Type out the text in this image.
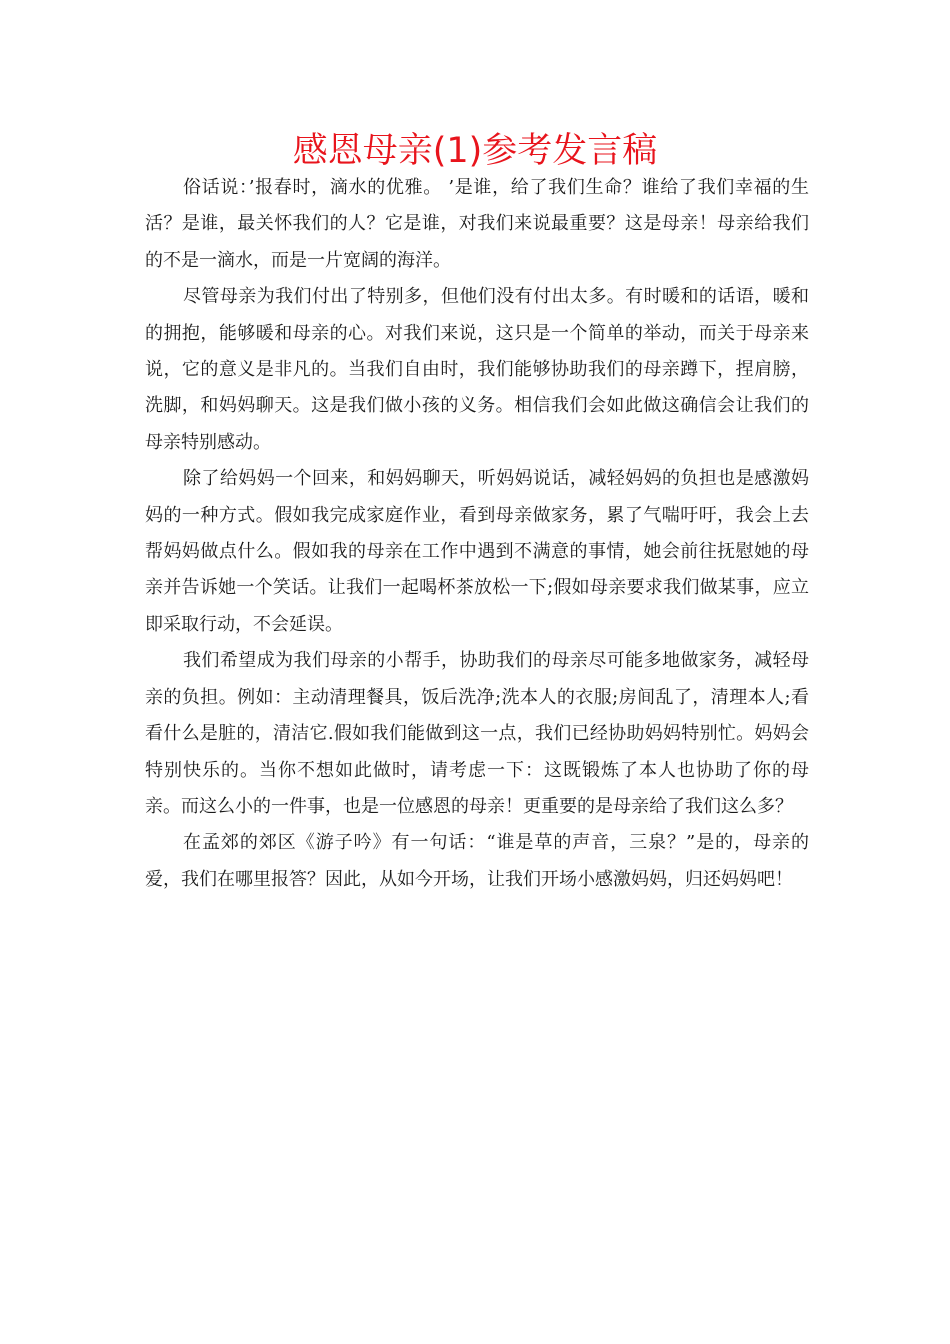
感恩母亲(1)参考发言稿

俗话说：’报春时，滴水的优雅。 ’是谁，给了我们生命？谁给了我们幸福的生活？是谁，最关怀我们的人？它是谁，对我们来说最重要？这是母亲！母亲给我们的不是一滴水，而是一片宽阔的海洋。

尽管母亲为我们付出了特别多，但他们没有付出太多。有时暖和的话语，暖和的拥抱，能够暖和母亲的心。对我们来说，这只是一个简单的举动，而关于母亲来说，它的意义是非凡的。当我们自由时，我们能够协助我们的母亲蹲下，捏肩膀，洗脚，和妈妈聊天。这是我们做小孩的义务。相信我们会如此做这确信会让我们的母亲特别感动。

除了给妈妈一个回来，和妈妈聊天，听妈妈说话，减轻妈妈的负担也是感激妈妈的一种方式。假如我完成家庭作业，看到母亲做家务，累了气喘吁吁，我会上去帮妈妈做点什么。假如我的母亲在工作中遇到不满意的事情，她会前往抚慰她的母亲并告诉她一个笑话。让我们一起喝杯茶放松一下;假如母亲要求我们做某事，应立即采取行动，不会延误。

我们希望成为我们母亲的小帮手，协助我们的母亲尽可能多地做家务，减轻母亲的负担。例如：主动清理餐具，饭后洗净;洗本人的衣服;房间乱了，清理本人;看看什么是脏的，清洁它.假如我们能做到这一点，我们已经协助妈妈特别忙。妈妈会特别快乐的。当你不想如此做时，请考虑一下：这既锻炼了本人也协助了你的母亲。而这么小的一件事，也是一位感恩的母亲！更重要的是母亲给了我们这么多？

在孟郊的郊区《游子吟》有一句话：“谁是草的声音，三泉？”是的，母亲的爱，我们在哪里报答？因此，从如今开场，让我们开场小感激妈妈，归还妈妈吧！
